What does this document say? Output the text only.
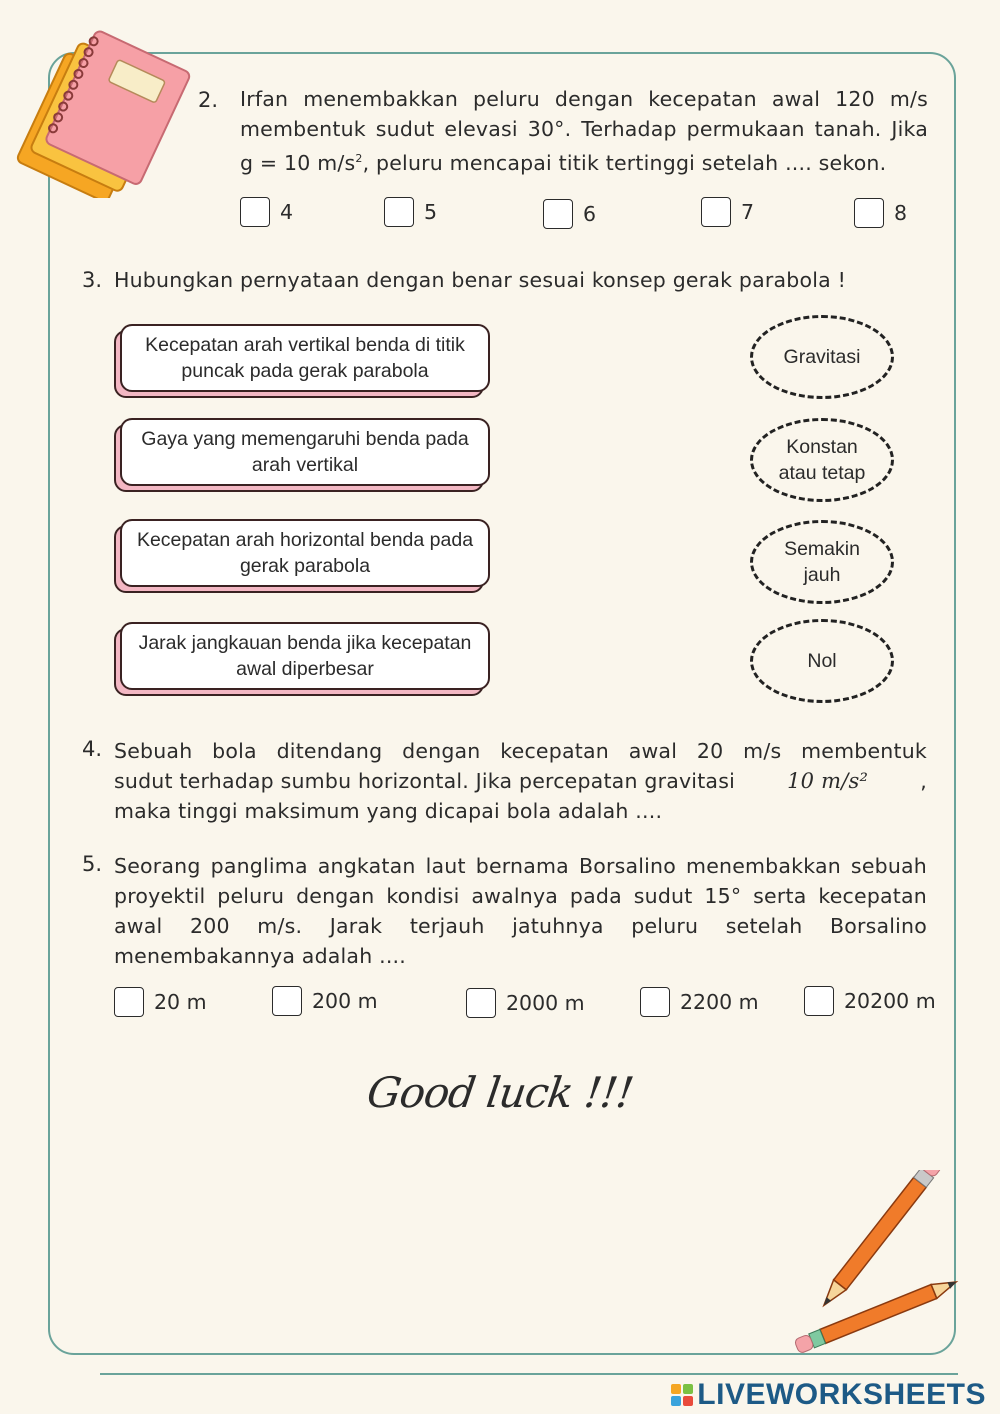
2. Irfan menembakkan peluru dengan kecepatan awal 120 m/s

membentuk sudut elevasi 30°. Terhadap permukaan tanah. Jika

g = 10 $m/s^2$, peluru mencapai titik tertinggi setelah .... sekon.

4	5	6	7	8
3. Hubungkan pernyataan dengan benar sesuai konsep gerak parabola !
Kecepatan arah vertikal benda di titik puncak pada gerak parabola
Gaya yang memengaruhi benda pada arah vertikal
Kecepatan arah horizontal benda pada gerak parabola
Jarak jangkauan benda jika kecepatan awal diperbesar
Gravitasi
Konstan atau tetap
Semakin jauh
Nol
4. Sebuah bola ditendang dengan kecepatan awal 20 m/s membentuk

sudut terhadap sumbu horizontal. Jika percepatan gravitasi 10 m/s²	,

maka tinggi maksimum yang dicapai bola adalah ....

5. Seorang panglima angkatan laut bernama Borsalino menembakkan sebuah proyektil peluru dengan kondisi awalnya pada sudut 15° serta kecepatan awal 200 m/s. Jarak terjauh jatuhnya peluru setelah Borsalino menembakannya adalah ....
20 m	200 m	2000 m	2200 m	20200 m
Good luck !!!
LIVEWORKSHEETS
